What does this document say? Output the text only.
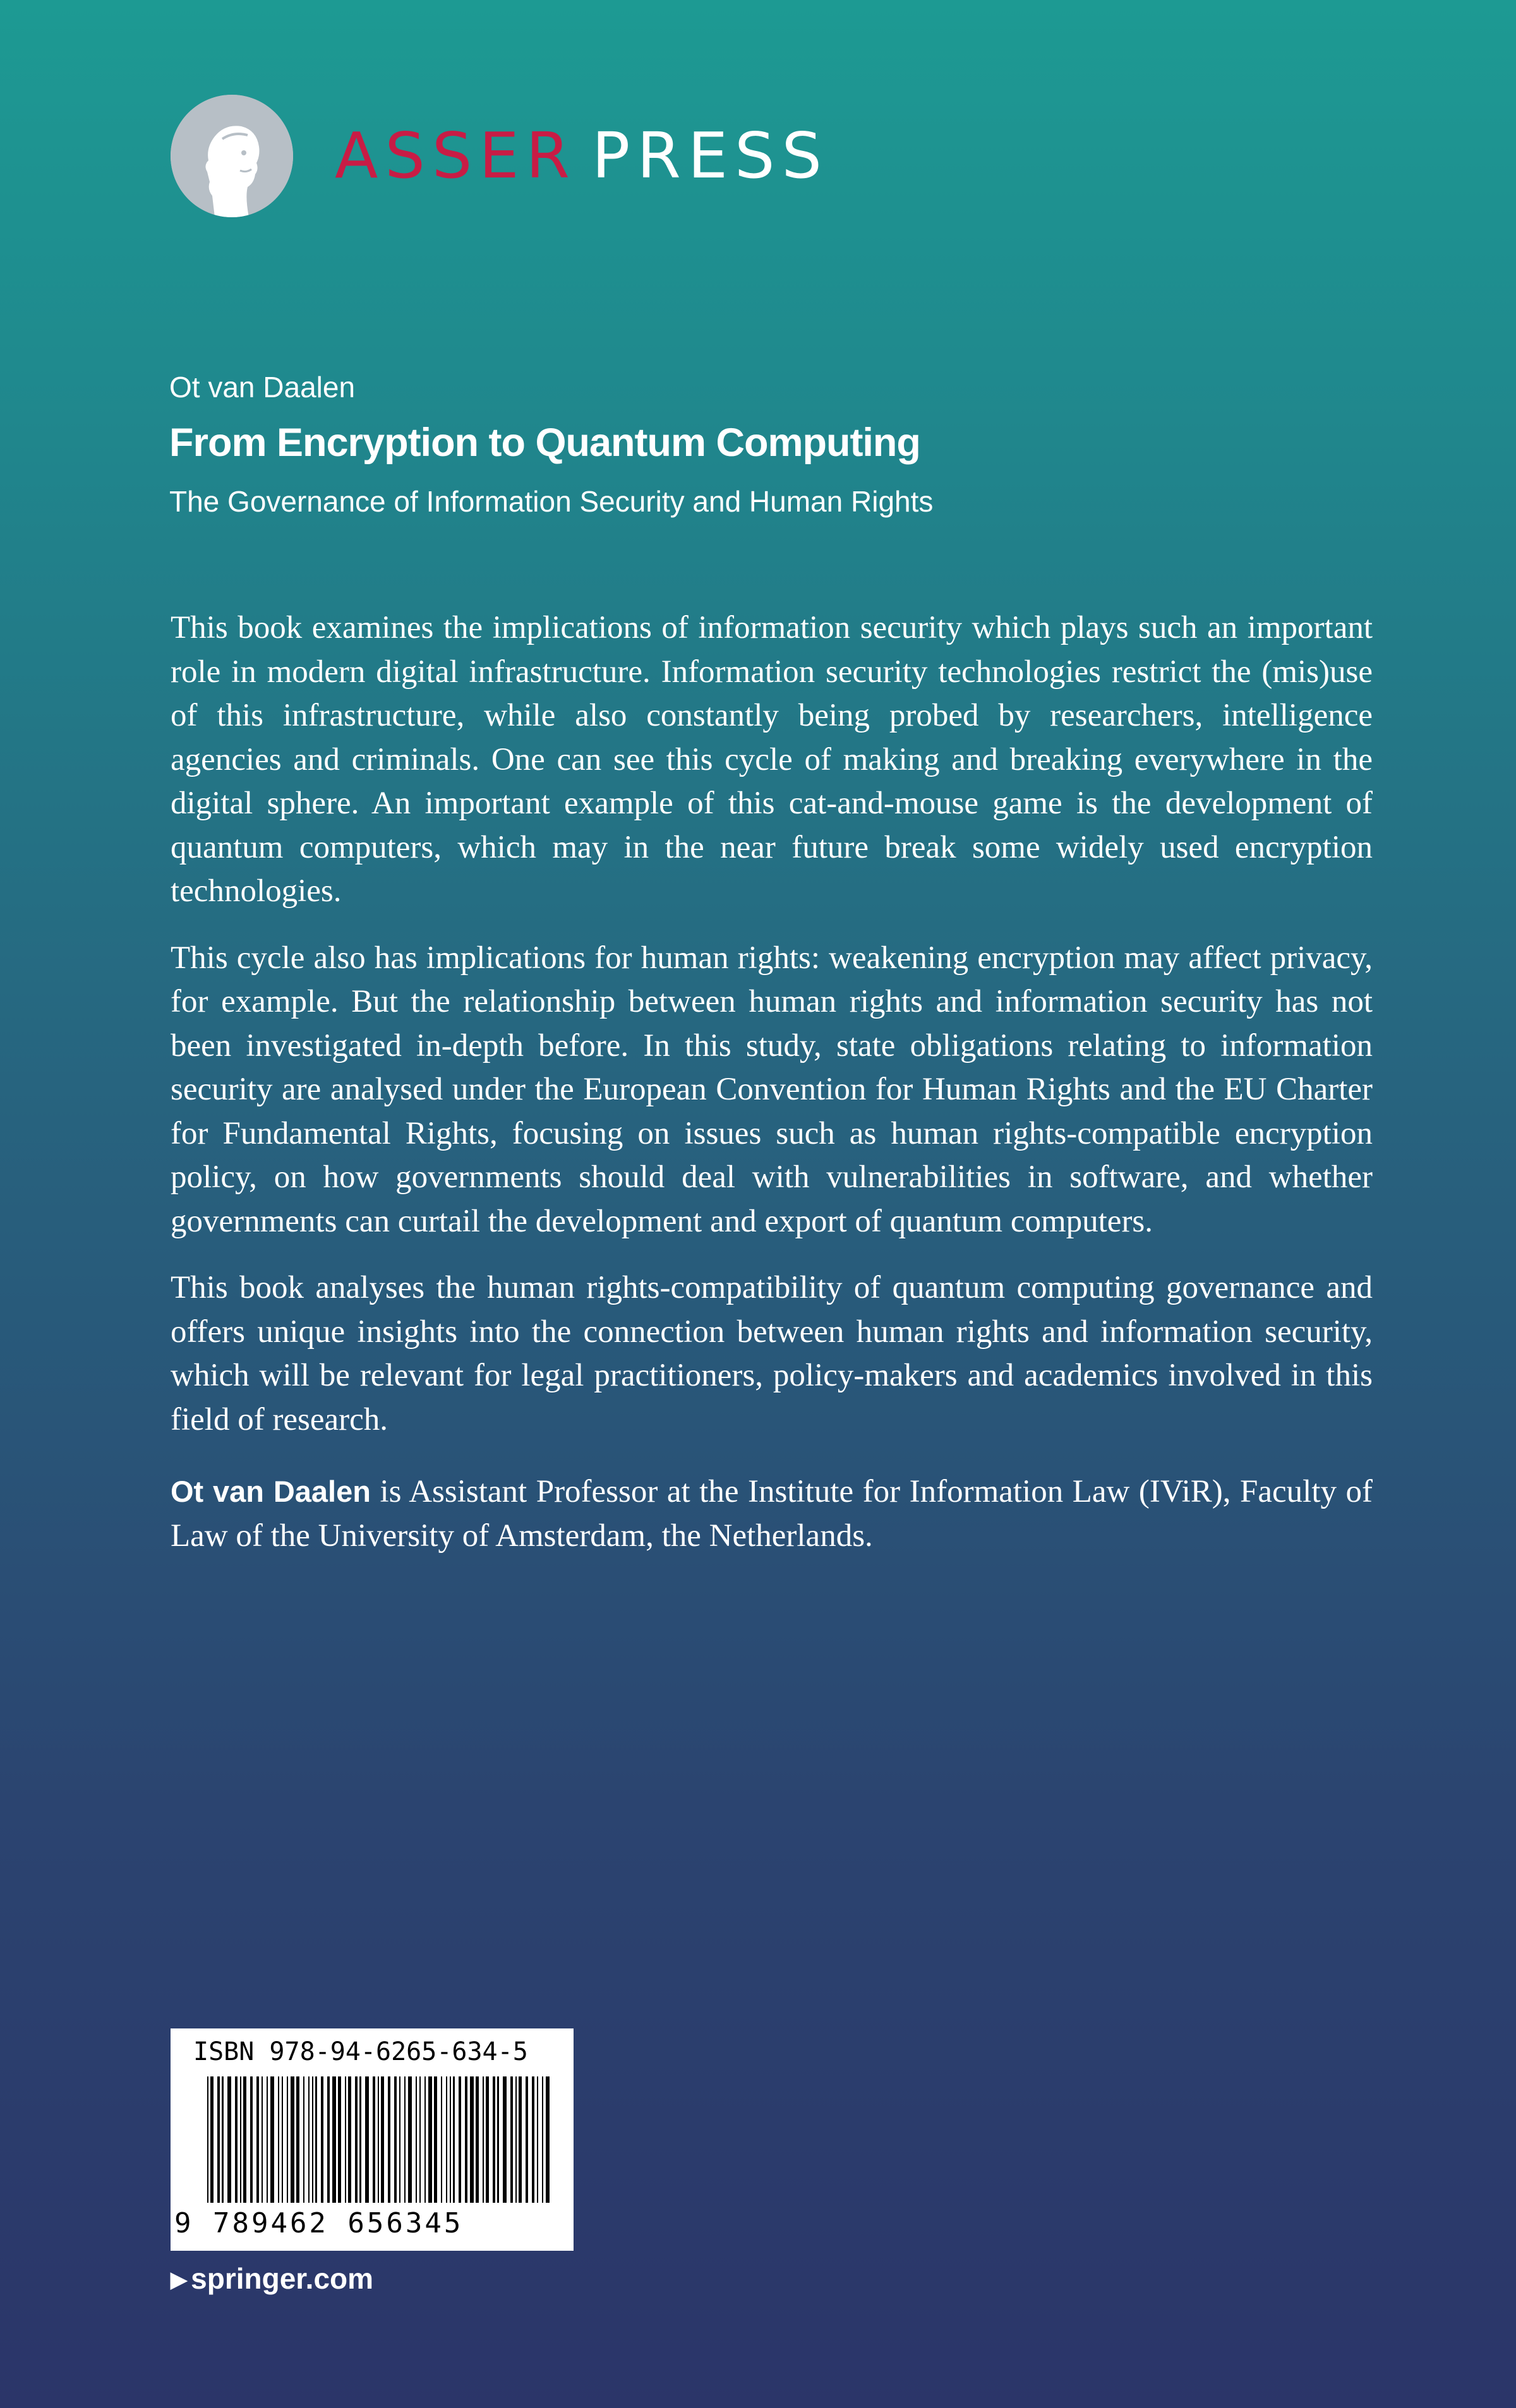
ASSER PRESS
Ot van Daalen
From Encryption to Quantum Computing
The Governance of Information Security and Human Rights

This book examines the implications of information security which plays such an important role in modern digital infrastructure. Information security technologies restrict the (mis)use of this infrastructure, while also constantly being probed by researchers, intelligence agencies and criminals. One can see this cycle of making and breaking everywhere in the digital sphere. An important example of this cat-and-mouse game is the development of quantum computers, which may in the near future break some widely used encryption technologies.

This cycle also has implications for human rights: weakening encryption may affect privacy, for example. But the relationship between human rights and information security has not been investigated in-depth before. In this study, state obligations relating to information security are analysed under the European Convention for Human Rights and the EU Charter for Fundamental Rights, focusing on issues such as human rights-compatible encryption policy, on how governments should deal with vulnerabilities in software, and whether governments can curtail the development and export of quantum computers.

This book analyses the human rights-compatibility of quantum computing governance and offers unique insights into the connection between human rights and information security, which will be relevant for legal practitioners, policy-makers and academics involved in this field of research.

Ot van Daalen is Assistant Professor at the Institute for Information Law (IViR), Faculty of Law of the University of Amsterdam, the Netherlands.

ISBN 978-94-6265-634-5
9 789462 656345
▶ springer.com
